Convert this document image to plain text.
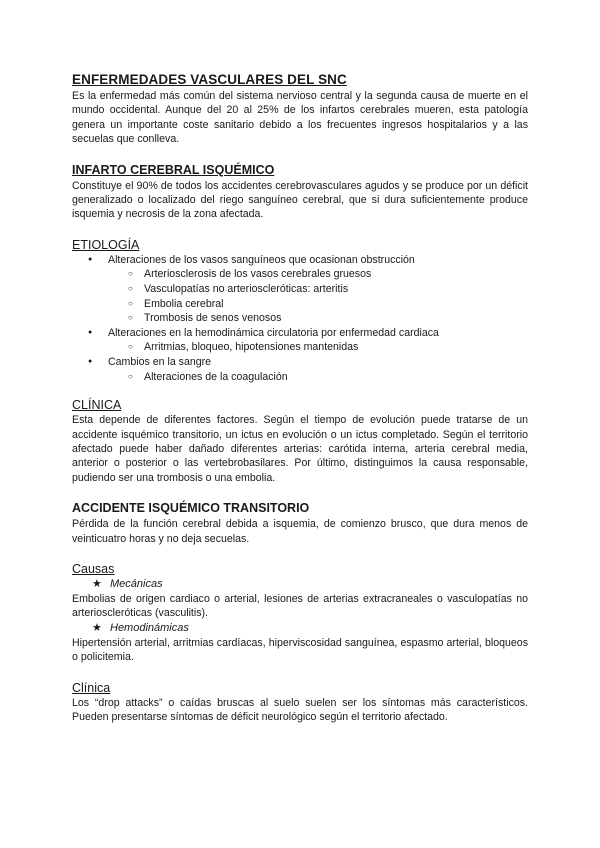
ENFERMEDADES VASCULARES DEL SNC

Es la enfermedad más común del sistema nervioso central y la segunda causa de muerte en el mundo occidental. Aunque del 20 al 25% de los infartos cerebrales mueren, esta patología genera un importante coste sanitario debido a los frecuentes ingresos hospitalarios y a las secuelas que conlleva.

INFARTO CEREBRAL ISQUÉMICO

Constituye el 90% de todos los accidentes cerebrovasculares agudos y se produce por un déficit generalizado o localizado del riego sanguíneo cerebral, que si dura suficientemente produce isquemia y necrosis de la zona afectada.

ETIOLOGÍA
● Alteraciones de los vasos sanguíneos que ocasionan obstrucción
○ Arteriosclerosis de los vasos cerebrales gruesos
○ Vasculopatías no arterioscleróticas: arteritis
○ Embolia cerebral
○ Trombosis de senos venosos
● Alteraciones en la hemodinámica circulatoria por enfermedad cardiaca
○ Arritmias, bloqueo, hipotensiones mantenidas
● Cambios en la sangre
○ Alteraciones de la coagulación
CLÍNICA

Esta depende de diferentes factores. Según el tiempo de evolución puede tratarse de un accidente isquémico transitorio, un ictus en evolución o un ictus completado. Según el territorio afectado puede haber dañado diferentes arterias: carótida interna, arteria cerebral media, anterior o posterior o las vertebrobasilares. Por último, distinguimos la causa responsable, pudiendo ser una trombosis o una embolia.

ACCIDENTE ISQUÉMICO TRANSITORIO

Pérdida de la función cerebral debida a isquemia, de comienzo brusco, que dura menos de veinticuatro horas y no deja secuelas.

Causas
★ Mecánicas

Embolias de origen cardiaco o arterial, lesiones de arterias extracraneales o vasculopatías no arterioscleróticas (vasculitis).

★ Hemodinámicas

Hipertensión arterial, arritmias cardíacas, hiperviscosidad sanguínea, espasmo arterial, bloqueos o policitemia.

Clínica

Los “drop attacks” o caídas bruscas al suelo suelen ser los síntomas más característicos. Pueden presentarse síntomas de déficit neurológico según el territorio afectado.
